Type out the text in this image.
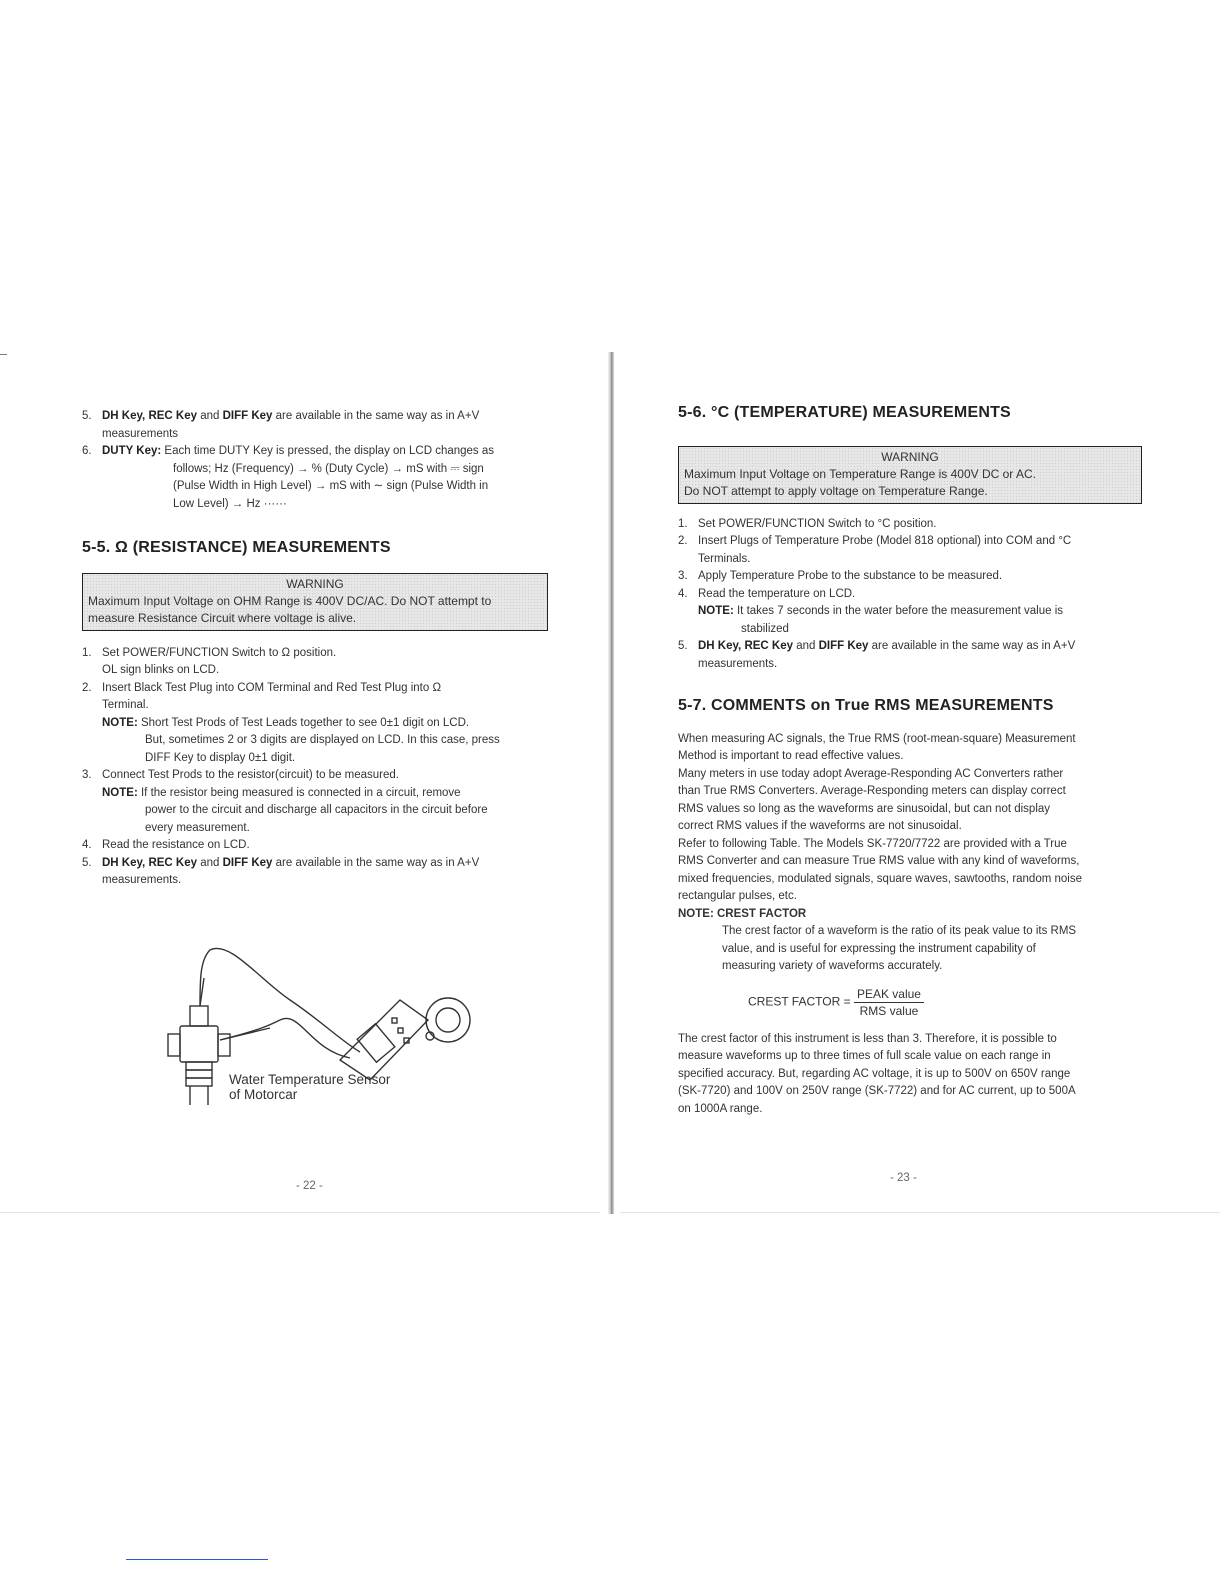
5. DH Key, REC Key and DIFF Key are available in the same way as in A+V
measurements
6. DUTY Key: Each time DUTY Key is pressed, the display on LCD changes as
follows; Hz (Frequency) → % (Duty Cycle) → mS with ⎓ sign
(Pulse Width in High Level) → mS with ∼ sign (Pulse Width in
Low Level) → Hz ······
5-5. Ω (RESISTANCE) MEASUREMENTS
WARNING
Maximum Input Voltage on OHM Range is 400V DC/AC. Do NOT attempt to
measure Resistance Circuit where voltage is alive.
1. Set POWER/FUNCTION Switch to Ω position.
OL sign blinks on LCD.
2. Insert Black Test Plug into COM Terminal and Red Test Plug into Ω
Terminal.
NOTE: Short Test Prods of Test Leads together to see 0±1 digit on LCD.
But, sometimes 2 or 3 digits are displayed on LCD. In this case, press
DIFF Key to display 0±1 digit.
3. Connect Test Prods to the resistor(circuit) to be measured.
NOTE: If the resistor being measured is connected in a circuit, remove
power to the circuit and discharge all capacitors in the circuit before
every measurement.
4. Read the resistance on LCD.
5. DH Key, REC Key and DIFF Key are available in the same way as in A+V
measurements.
Water Temperature Sensor
of Motorcar
- 22 -
5-6. °C (TEMPERATURE) MEASUREMENTS
WARNING
Maximum Input Voltage on Temperature Range is 400V DC or AC.
Do NOT attempt to apply voltage on Temperature Range.
1. Set POWER/FUNCTION Switch to °C position.
2. Insert Plugs of Temperature Probe (Model 818 optional) into COM and °C
Terminals.
3. Apply Temperature Probe to the substance to be measured.
4. Read the temperature on LCD.
NOTE: It takes 7 seconds in the water before the measurement value is
stabilized
5. DH Key, REC Key and DIFF Key are available in the same way as in A+V
measurements.
5-7. COMMENTS on True RMS MEASUREMENTS
When measuring AC signals, the True RMS (root-mean-square) Measurement
Method is important to read effective values.
Many meters in use today adopt Average-Responding AC Converters rather
than True RMS Converters. Average-Responding meters can display correct
RMS values so long as the waveforms are sinusoidal, but can not display
correct RMS values if the waveforms are not sinusoidal.
Refer to following Table. The Models SK-7720/7722 are provided with a True
RMS Converter and can measure True RMS value with any kind of waveforms,
mixed frequencies, modulated signals, square waves, sawtooths, random noise
rectangular pulses, etc.
NOTE: CREST FACTOR
The crest factor of a waveform is the ratio of its peak value to its RMS
value, and is useful for expressing the instrument capability of
measuring variety of waveforms accurately.
CREST FACTOR = $\frac{\text{PEAK value}}{\text{RMS value}}$
The crest factor of this instrument is less than 3. Therefore, it is possible to
measure waveforms up to three times of full scale value on each range in
specified accuracy. But, regarding AC voltage, it is up to 500V on 650V range
(SK-7720) and 100V on 250V range (SK-7722) and for AC current, up to 500A
on 1000A range.
- 23 -
